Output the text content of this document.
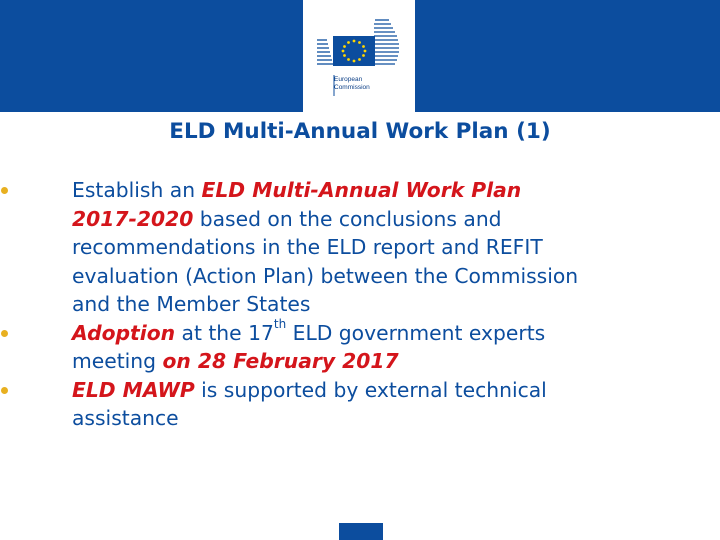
European
Commission
ELD Multi-Annual Work Plan (1)
Establish an ELD Multi-Annual Work Plan
2017-2020 based on the conclusions and
recommendations in the ELD report and REFIT
evaluation (Action Plan) between the Commission
and the Member States
Adoption at the 17th ELD government experts
meeting on 28 February 2017
ELD MAWP is supported by external technical
assistance
